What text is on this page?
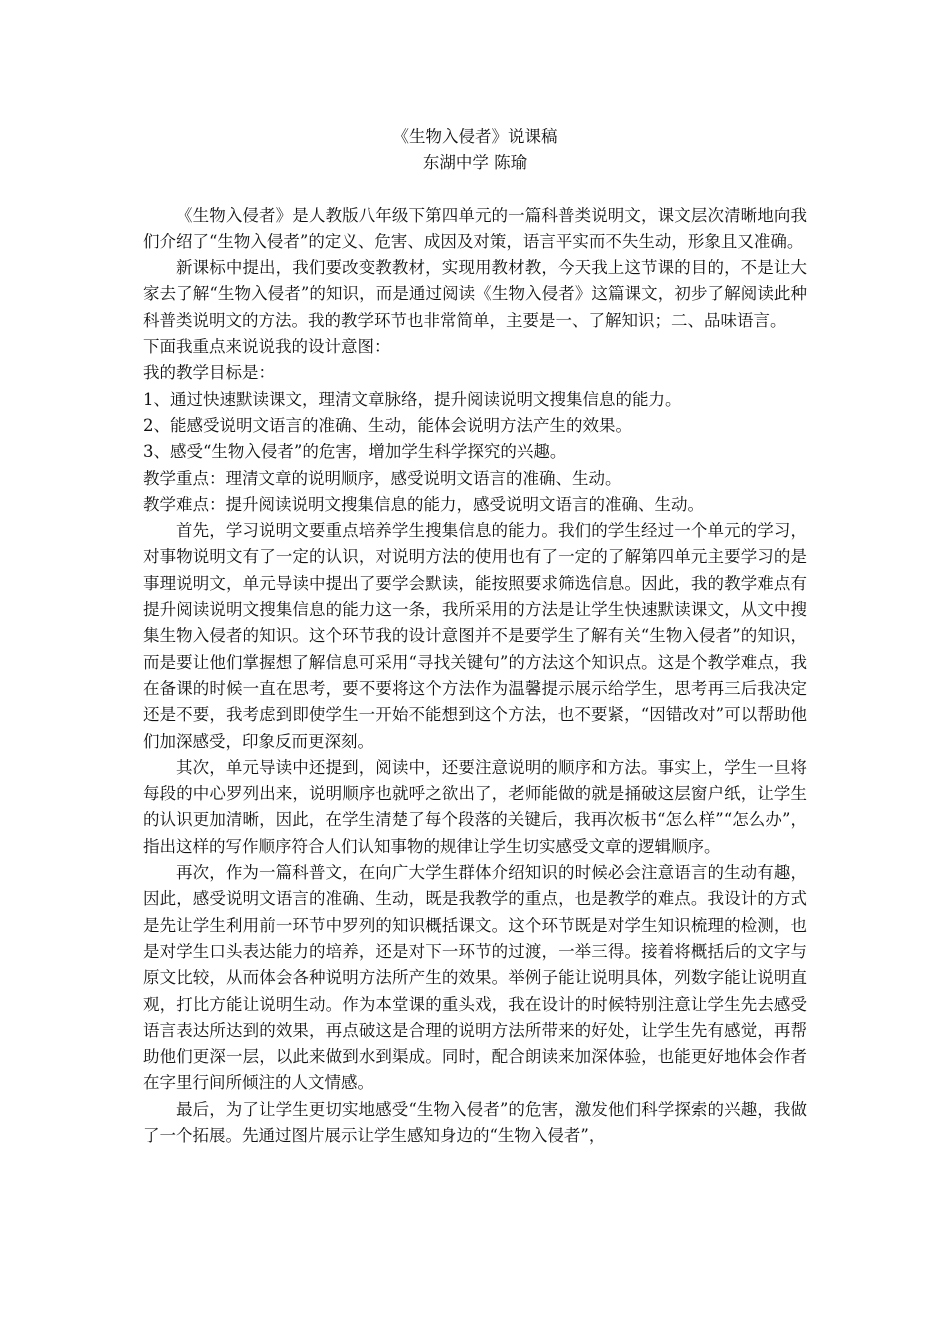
《生物入侵者》说课稿

东湖中学 陈瑜

《生物入侵者》是人教版八年级下第四单元的一篇科普类说明文，课文层次清晰地向我们介绍了“生物入侵者”的定义、危害、成因及对策，语言平实而不失生动，形象且又准确。

新课标中提出，我们要改变教教材，实现用教材教，今天我上这节课的目的，不是让大家去了解“生物入侵者”的知识，而是通过阅读《生物入侵者》这篇课文，初步了解阅读此种科普类说明文的方法。我的教学环节也非常简单，主要是一、了解知识；二、品味语言。

下面我重点来说说我的设计意图：

我的教学目标是：

1、通过快速默读课文，理清文章脉络，提升阅读说明文搜集信息的能力。

2、能感受说明文语言的准确、生动，能体会说明方法产生的效果。

3、感受“生物入侵者”的危害，增加学生科学探究的兴趣。

教学重点：理清文章的说明顺序，感受说明文语言的准确、生动。

教学难点：提升阅读说明文搜集信息的能力，感受说明文语言的准确、生动。

首先，学习说明文要重点培养学生搜集信息的能力。我们的学生经过一个单元的学习，对事物说明文有了一定的认识，对说明方法的使用也有了一定的了解第四单元主要学习的是事理说明文，单元导读中提出了要学会默读，能按照要求筛选信息。因此，我的教学难点有提升阅读说明文搜集信息的能力这一条，我所采用的方法是让学生快速默读课文，从文中搜集生物入侵者的知识。这个环节我的设计意图并不是要学生了解有关“生物入侵者”的知识，而是要让他们掌握想了解信息可采用“寻找关键句”的方法这个知识点。这是个教学难点，我在备课的时候一直在思考，要不要将这个方法作为温馨提示展示给学生，思考再三后我决定还是不要，我考虑到即使学生一开始不能想到这个方法，也不要紧，“因错改对”可以帮助他们加深感受，印象反而更深刻。

其次，单元导读中还提到，阅读中，还要注意说明的顺序和方法。事实上，学生一旦将每段的中心罗列出来，说明顺序也就呼之欲出了，老师能做的就是捅破这层窗户纸，让学生的认识更加清晰，因此，在学生清楚了每个段落的关键后，我再次板书“怎么样”“怎么办”，指出这样的写作顺序符合人们认知事物的规律让学生切实感受文章的逻辑顺序。

再次，作为一篇科普文，在向广大学生群体介绍知识的时候必会注意语言的生动有趣，因此，感受说明文语言的准确、生动，既是我教学的重点，也是教学的难点。我设计的方式是先让学生利用前一环节中罗列的知识概括课文。这个环节既是对学生知识梳理的检测，也是对学生口头表达能力的培养，还是对下一环节的过渡，一举三得。接着将概括后的文字与原文比较，从而体会各种说明方法所产生的效果。举例子能让说明具体，列数字能让说明直观，打比方能让说明生动。作为本堂课的重头戏，我在设计的时候特别注意让学生先去感受语言表达所达到的效果，再点破这是合理的说明方法所带来的好处，让学生先有感觉，再帮助他们更深一层，以此来做到水到渠成。同时，配合朗读来加深体验，也能更好地体会作者在字里行间所倾注的人文情感。

最后，为了让学生更切实地感受“生物入侵者”的危害，激发他们科学探索的兴趣，我做了一个拓展。先通过图片展示让学生感知身边的“生物入侵者”，
